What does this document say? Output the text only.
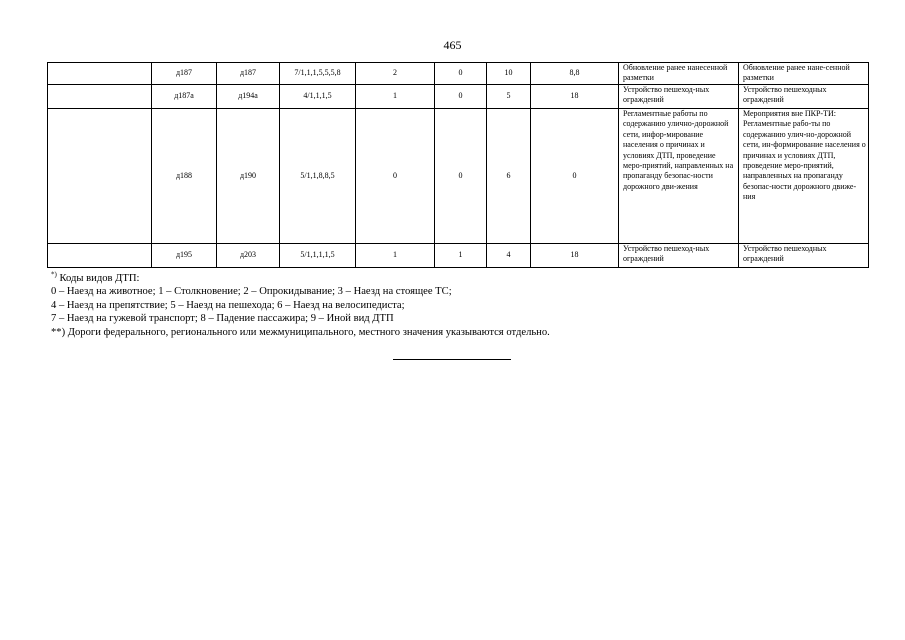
465
	д187	д187	7/1,1,1,5,5,5,8	2	0	10	8,8	Обновление ранее нанесенной разметки	Обновление ранее нане-сенной разметки
	д187а	д194а	4/1,1,1,5	1	0	5	18	Устройство пешеход-ных ограждений	Устройство пешеходных ограждений
	д188	д190	5/1,1,8,8,5	0	0	6	0	Регламентные работы по содержанию улично-дорожной сети, инфор-мирование населения о причинах и условиях ДТП, проведение меро-приятий, направленных на пропаганду безопас-ности дорожного дви-жения	Мероприятия вне ПКР-ТИ: Регламентные рабо-ты по содержанию улич-но-дорожной сети, ин-формирование населения о причинах и условиях ДТП, проведение меро-приятий, направленных на пропаганду безопас-ности дорожного движе-ния
	д195	д203	5/1,1,1,1,5	1	1	4	18	Устройство пешеход-ных ограждений	Устройство пешеходных ограждений
*) Коды видов ДТП:
0 – Наезд на животное; 1 – Столкновение; 2 – Опрокидывание; 3 – Наезд на стоящее ТС;
4 – Наезд на препятствие; 5 – Наезд на пешехода; 6 – Наезд на велосипедиста;
7 – Наезд на гужевой транспорт; 8 – Падение пассажира; 9 – Иной вид ДТП
**) Дороги федерального, регионального или межмуниципального, местного значения указываются отдельно.
